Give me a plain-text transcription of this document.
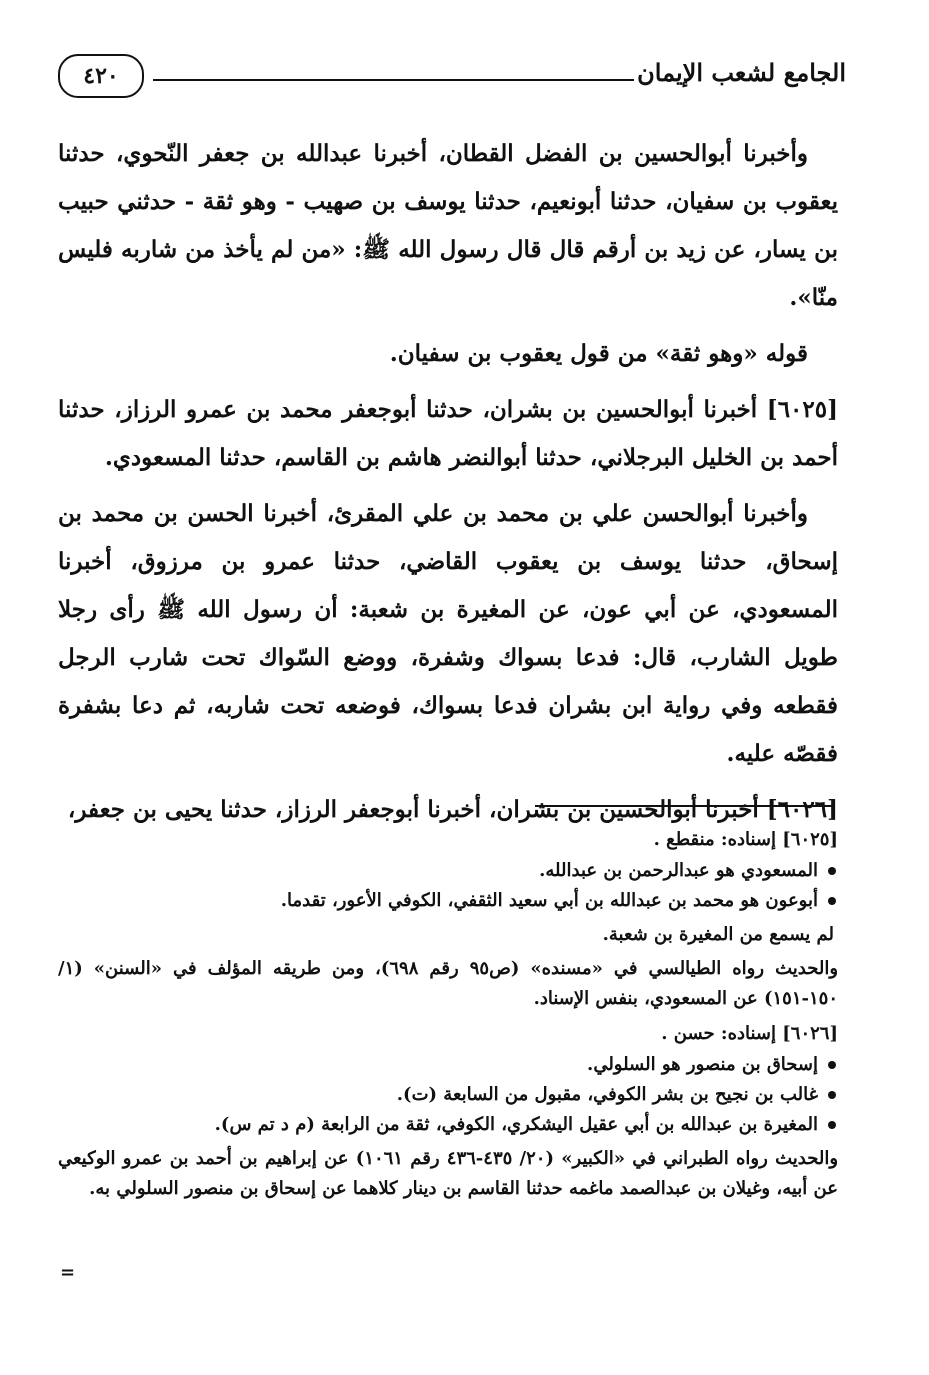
الجامع لشعب الإيمان
٤٢٠

وأخبرنا أبوالحسين بن الفضل القطان، أخبرنا عبدالله بن جعفر النّحوي، حدثنا يعقوب بن سفيان، حدثنا أبونعيم، حدثنا يوسف بن صهيب - وهو ثقة - حدثني حبيب بن يسار، عن زيد بن أرقم قال قال رسول الله ﷺ: «من لم يأخذ من شاربه فليس منّا».

قوله «وهو ثقة» من قول يعقوب بن سفيان.

[٦٠٢٥] أخبرنا أبوالحسين بن بشران، حدثنا أبوجعفر محمد بن عمرو الرزاز، حدثنا أحمد بن الخليل البرجلاني، حدثنا أبوالنضر هاشم بن القاسم، حدثنا المسعودي.

وأخبرنا أبوالحسن علي بن محمد بن علي المقرئ، أخبرنا الحسن بن محمد بن إسحاق، حدثنا يوسف بن يعقوب القاضي، حدثنا عمرو بن مرزوق، أخبرنا المسعودي، عن أبي عون، عن المغيرة بن شعبة: أن رسول الله ﷺ رأى رجلا طويل الشارب، قال: فدعا بسواك وشفرة، ووضع السّواك تحت شارب الرجل فقطعه وفي رواية ابن بشران فدعا بسواك، فوضعه تحت شاربه، ثم دعا بشفرة فقصّه عليه.

[٦٠٢٦] أخبرنا أبوالحسين بن بشران، أخبرنا أبوجعفر الرزاز، حدثنا يحيى بن جعفر،

[٦٠٢٥] إسناده: منقطع .

المسعودي هو عبدالرحمن بن عبدالله.
أبوعون هو محمد بن عبدالله بن أبي سعيد الثقفي، الكوفي الأعور، تقدما.

لم يسمع من المغيرة بن شعبة.

والحديث رواه الطيالسي في «مسنده» (ص٩٥ رقم ٦٩٨)، ومن طريقه المؤلف في «السنن» (١/ ١٥٠-١٥١) عن المسعودي، بنفس الإسناد.

[٦٠٢٦] إسناده: حسن .

إسحاق بن منصور هو السلولي.
غالب بن نجيح بن بشر الكوفي، مقبول من السابعة (ت).
المغيرة بن عبدالله بن أبي عقيل اليشكري، الكوفي، ثقة من الرابعة (م د تم س).

والحديث رواه الطبراني في «الكبير» (٢٠/ ٤٣٥-٤٣٦ رقم ١٠٦١) عن إبراهيم بن أحمد بن عمرو الوكيعي عن أبيه، وغيلان بن عبدالصمد ماغمه حدثنا القاسم بن دينار كلاهما عن إسحاق بن منصور السلولي به.

=
